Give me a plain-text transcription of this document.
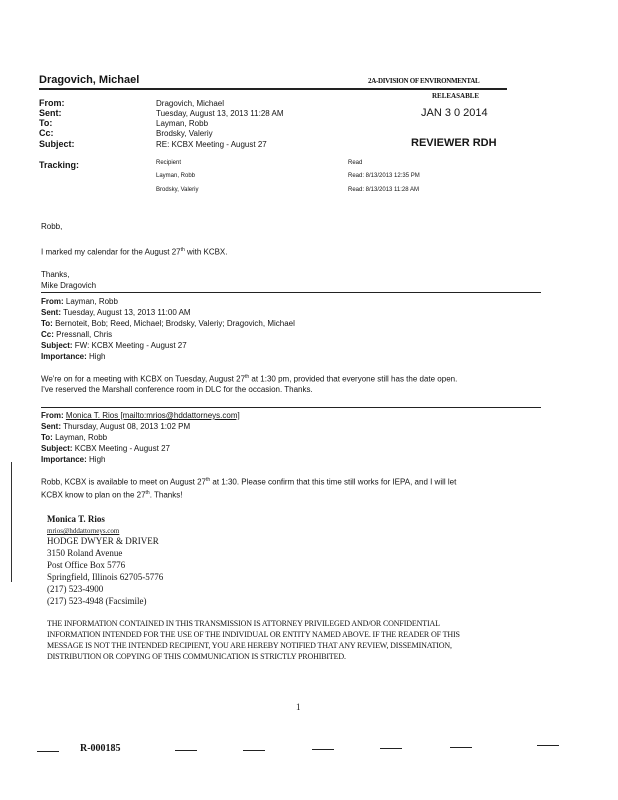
Dragovich, Michael	2A-DIVISION OF ENVIRONMENTAL
RELEASABLE
JAN 3 0 2014
REVIEWER RDH
From:	Dragovich, Michael
Sent:	Tuesday, August 13, 2013 11:28 AM
To:	Layman, Robb
Cc:	Brodsky, Valeriy
Subject:	RE: KCBX Meeting - August 27
Tracking:	Recipient	Read
Layman, Robb	Read: 8/13/2013 12:35 PM
Brodsky, Valeriy	Read: 8/13/2013 11:28 AM
Robb,
I marked my calendar for the August 27th with KCBX.
Thanks,
Mike Dragovich
From: Layman, Robb
Sent: Tuesday, August 13, 2013 11:00 AM
To: Bernoteit, Bob; Reed, Michael; Brodsky, Valeriy; Dragovich, Michael
Cc: Pressnall, Chris
Subject: FW: KCBX Meeting - August 27
Importance: High
We're on for a meeting with KCBX on Tuesday, August 27th at 1:30 pm, provided that everyone still has the date open.
I've reserved the Marshall conference room in DLC for the occasion. Thanks.
From: Monica T. Rios [mailto:mrios@hddattorneys.com]
Sent: Thursday, August 08, 2013 1:02 PM
To: Layman, Robb
Subject: KCBX Meeting - August 27
Importance: High
Robb, KCBX is available to meet on August 27th at 1:30. Please confirm that this time still works for IEPA, and I will let
KCBX know to plan on the 27th. Thanks!
Monica T. Rios
mrios@hddattorneys.com
HODGE DWYER & DRIVER
3150 Roland Avenue
Post Office Box 5776
Springfield, Illinois 62705-5776
(217) 523-4900
(217) 523-4948 (Facsimile)
THE INFORMATION CONTAINED IN THIS TRANSMISSION IS ATTORNEY PRIVILEGED AND/OR CONFIDENTIAL
INFORMATION INTENDED FOR THE USE OF THE INDIVIDUAL OR ENTITY NAMED ABOVE. IF THE READER OF THIS
MESSAGE IS NOT THE INTENDED RECIPIENT, YOU ARE HEREBY NOTIFIED THAT ANY REVIEW, DISSEMINATION,
DISTRIBUTION OR COPYING OF THIS COMMUNICATION IS STRICTLY PROHIBITED.
1
R-000185
